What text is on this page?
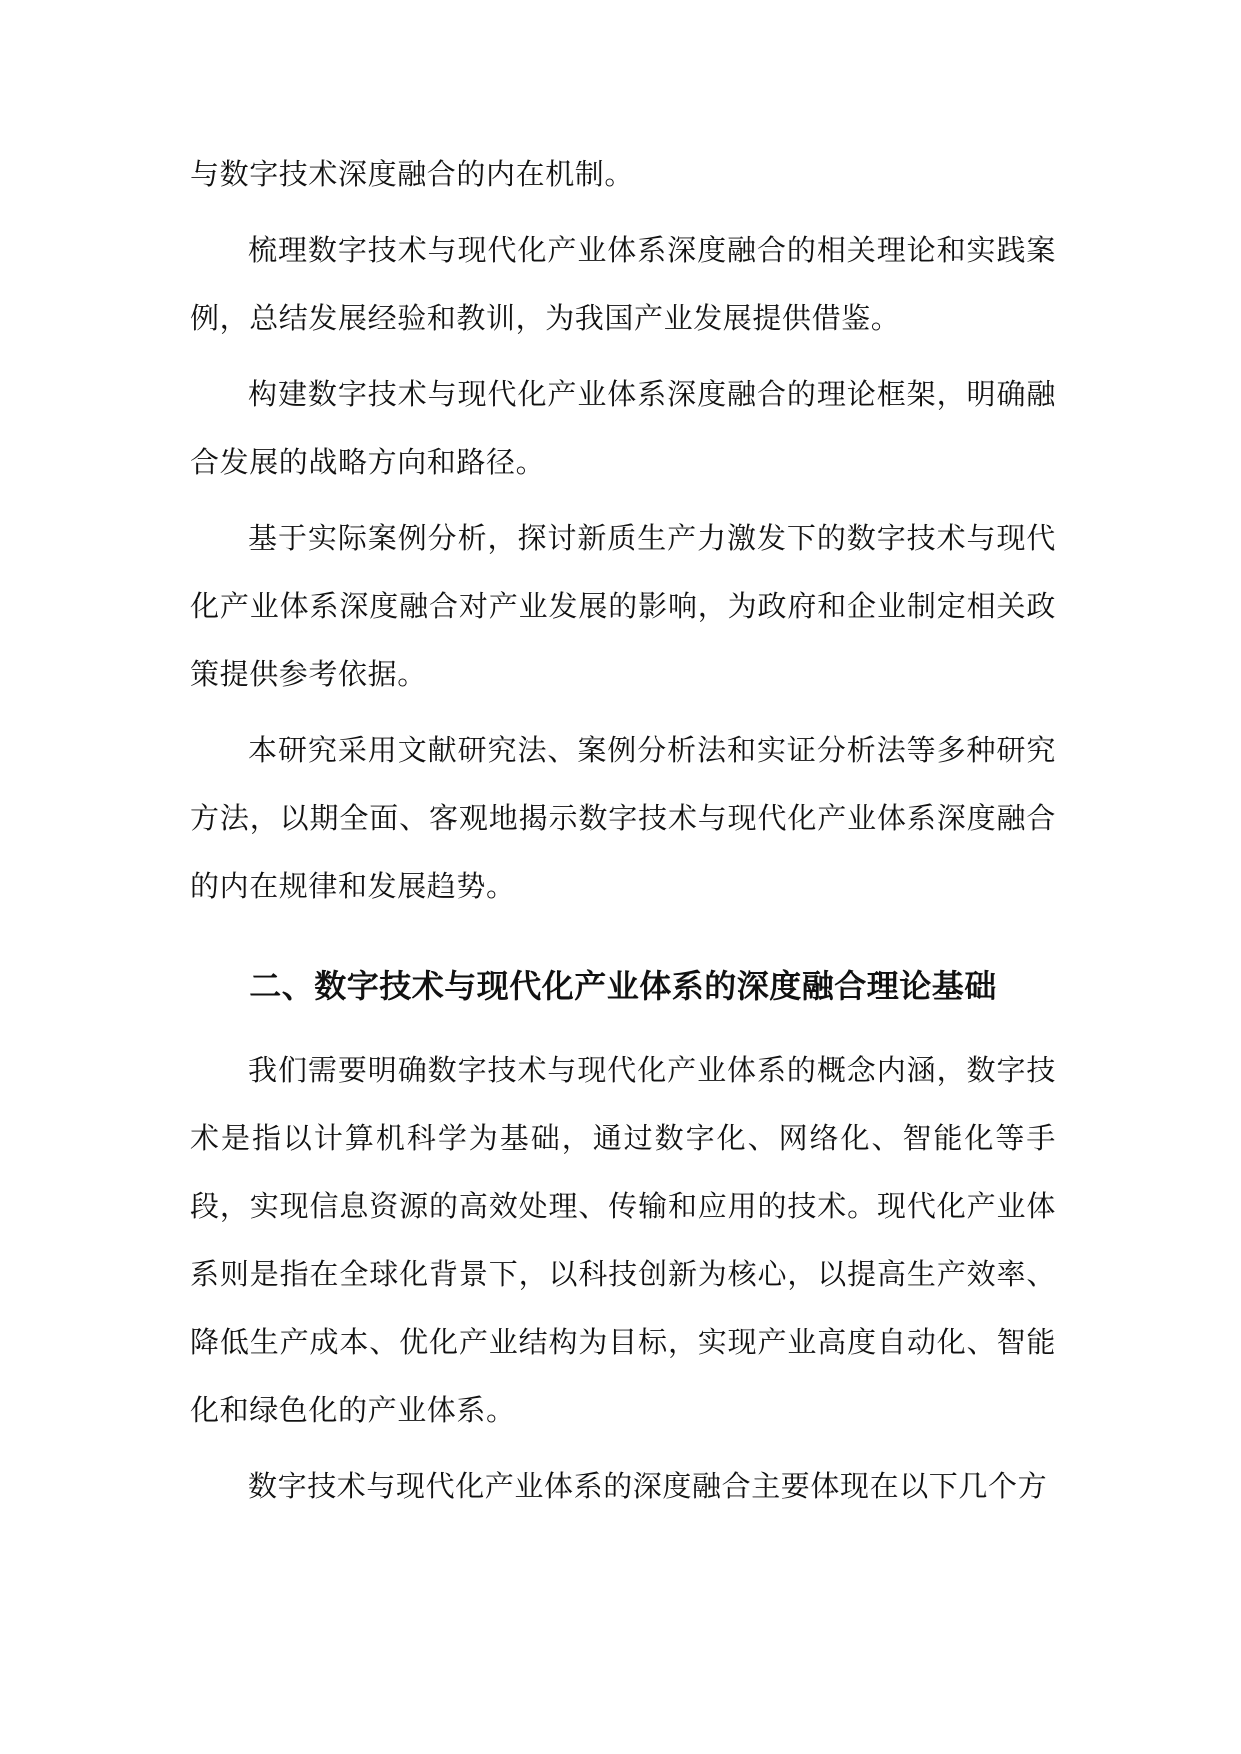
与数字技术深度融合的内在机制。

梳理数字技术与现代化产业体系深度融合的相关理论和实践案例，总结发展经验和教训，为我国产业发展提供借鉴。

构建数字技术与现代化产业体系深度融合的理论框架，明确融合发展的战略方向和路径。

基于实际案例分析，探讨新质生产力激发下的数字技术与现代化产业体系深度融合对产业发展的影响，为政府和企业制定相关政策提供参考依据。

本研究采用文献研究法、案例分析法和实证分析法等多种研究方法，以期全面、客观地揭示数字技术与现代化产业体系深度融合的内在规律和发展趋势。

二、数字技术与现代化产业体系的深度融合理论基础

我们需要明确数字技术与现代化产业体系的概念内涵，数字技术是指以计算机科学为基础，通过数字化、网络化、智能化等手段，实现信息资源的高效处理、传输和应用的技术。现代化产业体系则是指在全球化背景下，以科技创新为核心，以提高生产效率、降低生产成本、优化产业结构为目标，实现产业高度自动化、智能化和绿色化的产业体系。

数字技术与现代化产业体系的深度融合主要体现在以下几个方
